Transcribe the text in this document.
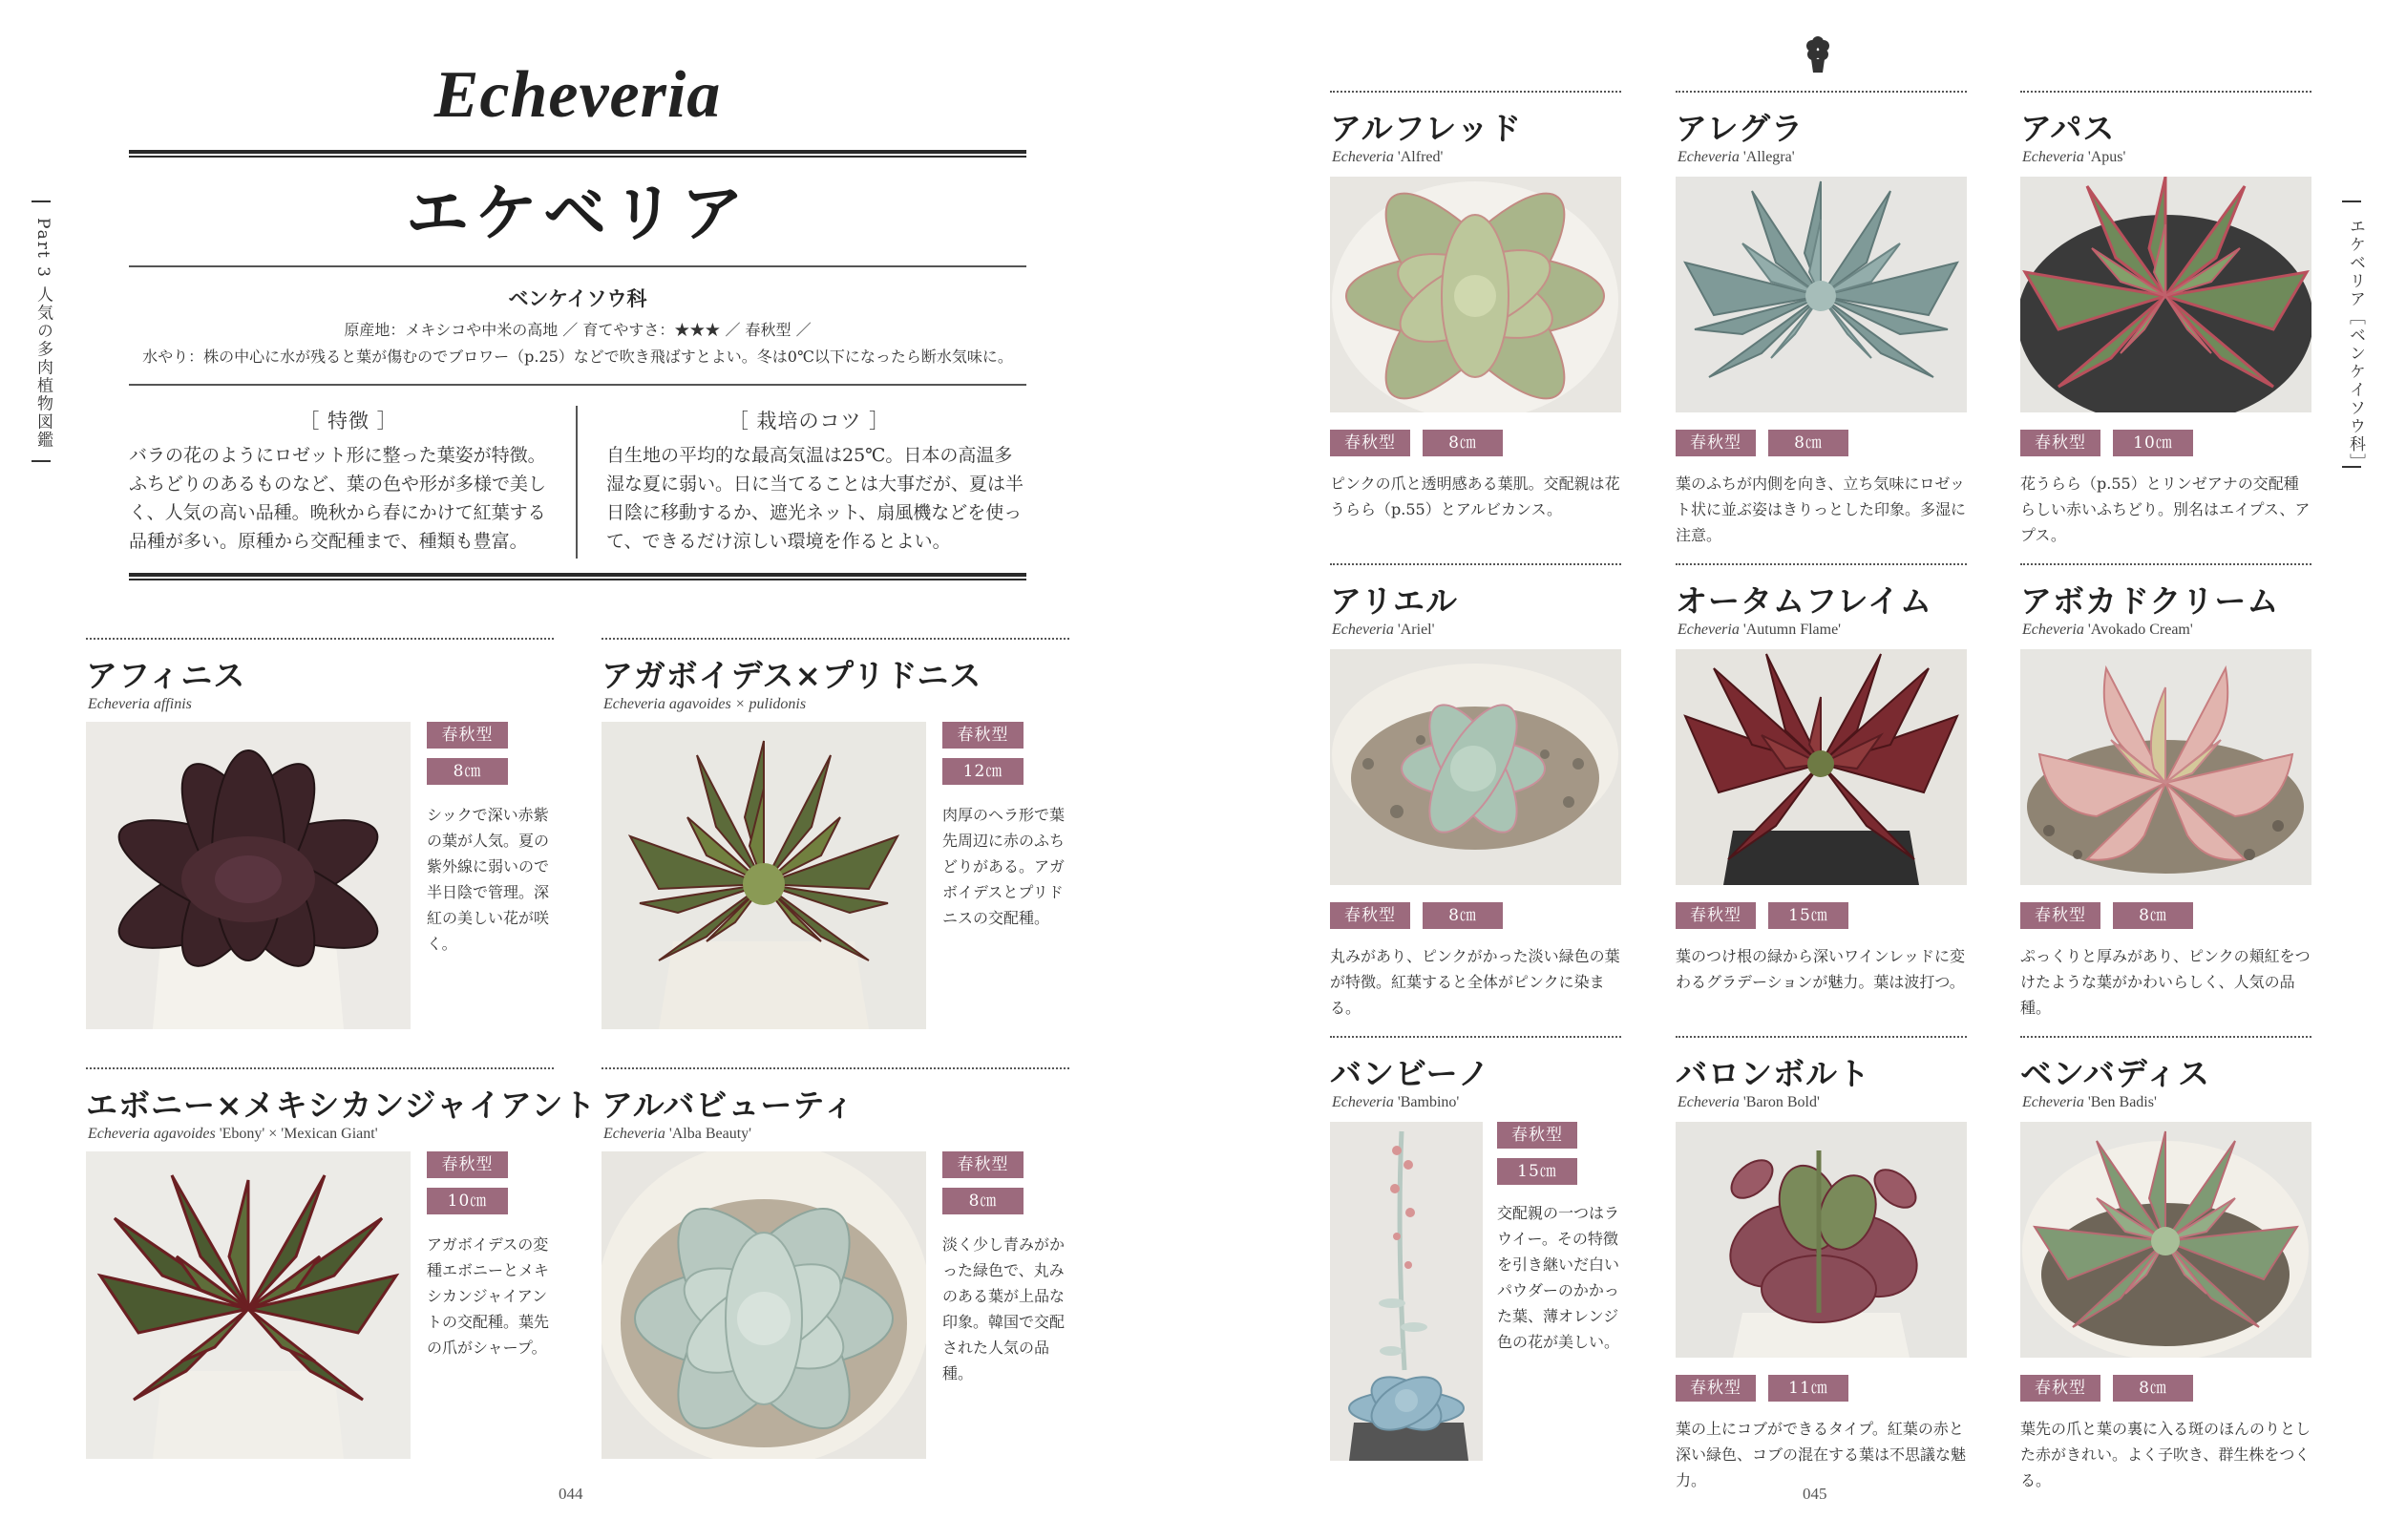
Part 3 人気の多肉植物図鑑
Echeveria
エケベリア
ベンケイソウ科
原産地：メキシコや中米の高地 ／ 育てやすさ：★★★ ／ 春秋型 ／
水やり：株の中心に水が残ると葉が傷むのでブロワー（p.25）などで吹き飛ばすとよい。冬は0℃以下になったら断水気味に。
［ 特徴 ］
バラの花のようにロゼット形に整った葉姿が特徴。ふちどりのあるものなど、葉の色や形が多様で美しく、人気の高い品種。晩秋から春にかけて紅葉する品種が多い。原種から交配種まで、種類も豊富。
［ 栽培のコツ ］
自生地の平均的な最高気温は25℃。日本の高温多湿な夏に弱い。日に当てることは大事だが、夏は半日陰に移動するか、遮光ネット、扇風機などを使って、できるだけ涼しい環境を作るとよい。
アフィニス
Echeveria affinis
春秋型
8㎝
シックで深い赤紫の葉が人気。夏の紫外線に弱いので半日陰で管理。深紅の美しい花が咲く。
アガボイデス×プリドニス
Echeveria agavoides × pulidonis
春秋型
12㎝
肉厚のヘラ形で葉先周辺に赤のふちどりがある。アガボイデスとプリドニスの交配種。
エボニー×メキシカンジャイアント
Echeveria agavoides 'Ebony' × 'Mexican Giant'
春秋型
10㎝
アガボイデスの変種エボニーとメキシカンジャイアントの交配種。葉先の爪がシャープ。
アルバビューティ
Echeveria 'Alba Beauty'
春秋型
8㎝
淡く少し青みがかった緑色で、丸みのある葉が上品な印象。韓国で交配された人気の品種。
044
エケベリア［ベンケイソウ科］
アルフレッド
Echeveria 'Alfred'
春秋型	8㎝
ピンクの爪と透明感ある葉肌。交配親は花うらら（p.55）とアルビカンス。
アレグラ
Echeveria 'Allegra'
春秋型	8㎝
葉のふちが内側を向き、立ち気味にロゼット状に並ぶ姿はきりっとした印象。多湿に注意。
アパス
Echeveria 'Apus'
春秋型	10㎝
花うらら（p.55）とリンゼアナの交配種らしい赤いふちどり。別名はエイプス、アプス。
アリエル
Echeveria 'Ariel'
春秋型	8㎝
丸みがあり、ピンクがかった淡い緑色の葉が特徴。紅葉すると全体がピンクに染まる。
オータムフレイム
Echeveria 'Autumn Flame'
春秋型	15㎝
葉のつけ根の緑から深いワインレッドに変わるグラデーションが魅力。葉は波打つ。
アボカドクリーム
Echeveria 'Avokado Cream'
春秋型	8㎝
ぷっくりと厚みがあり、ピンクの頬紅をつけたような葉がかわいらしく、人気の品種。
バンビーノ
Echeveria 'Bambino'
春秋型
15㎝
交配親の一つはラウイー。その特徴を引き継いだ白いパウダーのかかった葉、薄オレンジ色の花が美しい。
バロンボルト
Echeveria 'Baron Bold'
春秋型	11㎝
葉の上にコブができるタイプ。紅葉の赤と深い緑色、コブの混在する葉は不思議な魅力。
ベンバディス
Echeveria 'Ben Badis'
春秋型	8㎝
葉先の爪と葉の裏に入る斑のほんのりとした赤がきれい。よく子吹き、群生株をつくる。
045
